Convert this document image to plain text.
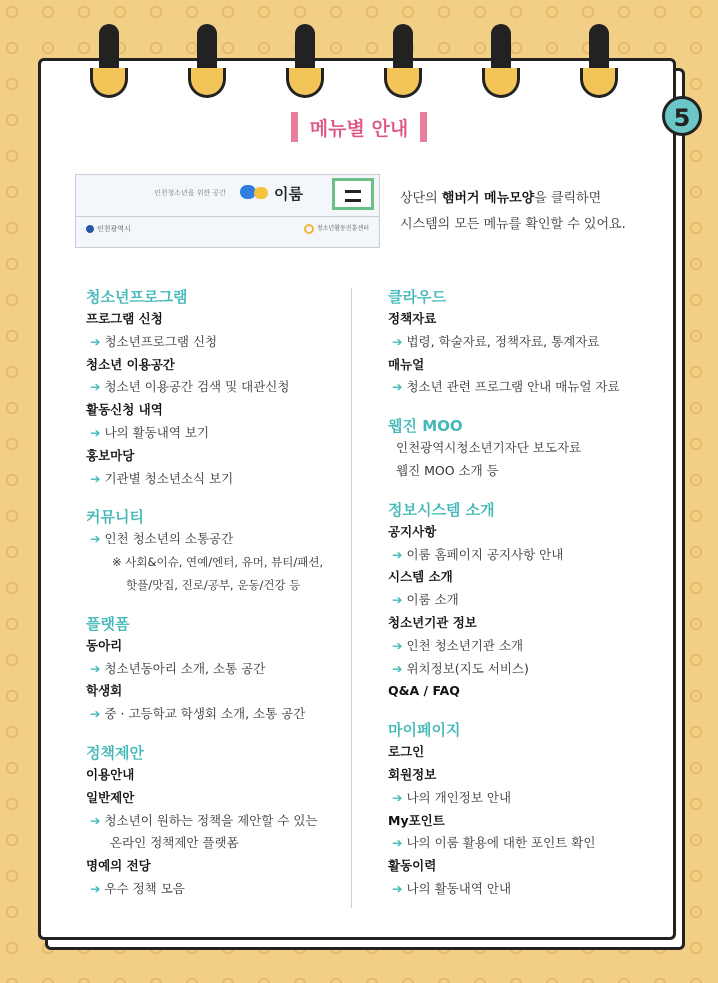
5
메뉴별 안내
인천청소년을 위한 공간	이룸
인천광역시	청소년활동진흥센터
상단의 햄버거 메뉴모양을 클릭하면
시스템의 모든 메뉴를 확인할 수 있어요.
청소년프로그램
프로그램 신청
➔ 청소년프로그램 신청
청소년 이용공간
➔ 청소년 이용공간 검색 및 대관신청
활동신청 내역
➔ 나의 활동내역 보기
홍보마당
➔ 기관별 청소년소식 보기
커뮤니티
➔ 인천 청소년의 소통공간
※ 사회&이슈, 연예/엔터, 유머, 뷰티/패션,
핫플/맛집, 진로/공부, 운동/건강 등
플랫폼
동아리
➔ 청소년동아리 소개, 소통 공간
학생회
➔ 중 · 고등학교 학생회 소개, 소통 공간
정책제안
이용안내
일반제안
➔ 청소년이 원하는 정책을 제안할 수 있는
온라인 정책제안 플랫폼
명예의 전당
➔ 우수 정책 모음
클라우드
정책자료
➔ 법령, 학술자료, 정책자료, 통계자료
매뉴얼
➔ 청소년 관련 프로그램 안내 매뉴얼 자료
웹진 MOO
인천광역시청소년기자단 보도자료
웹진 MOO 소개 등
정보시스템 소개
공지사항
➔ 이룸 홈페이지 공지사항 안내
시스템 소개
➔ 이룸 소개
청소년기관 정보
➔ 인천 청소년기관 소개
➔ 위치정보(지도 서비스)
Q&A / FAQ
마이페이지
로그인
회원정보
➔ 나의 개인정보 안내
My포인트
➔ 나의 이룸 활용에 대한 포인트 확인
활동이력
➔ 나의 활동내역 안내
